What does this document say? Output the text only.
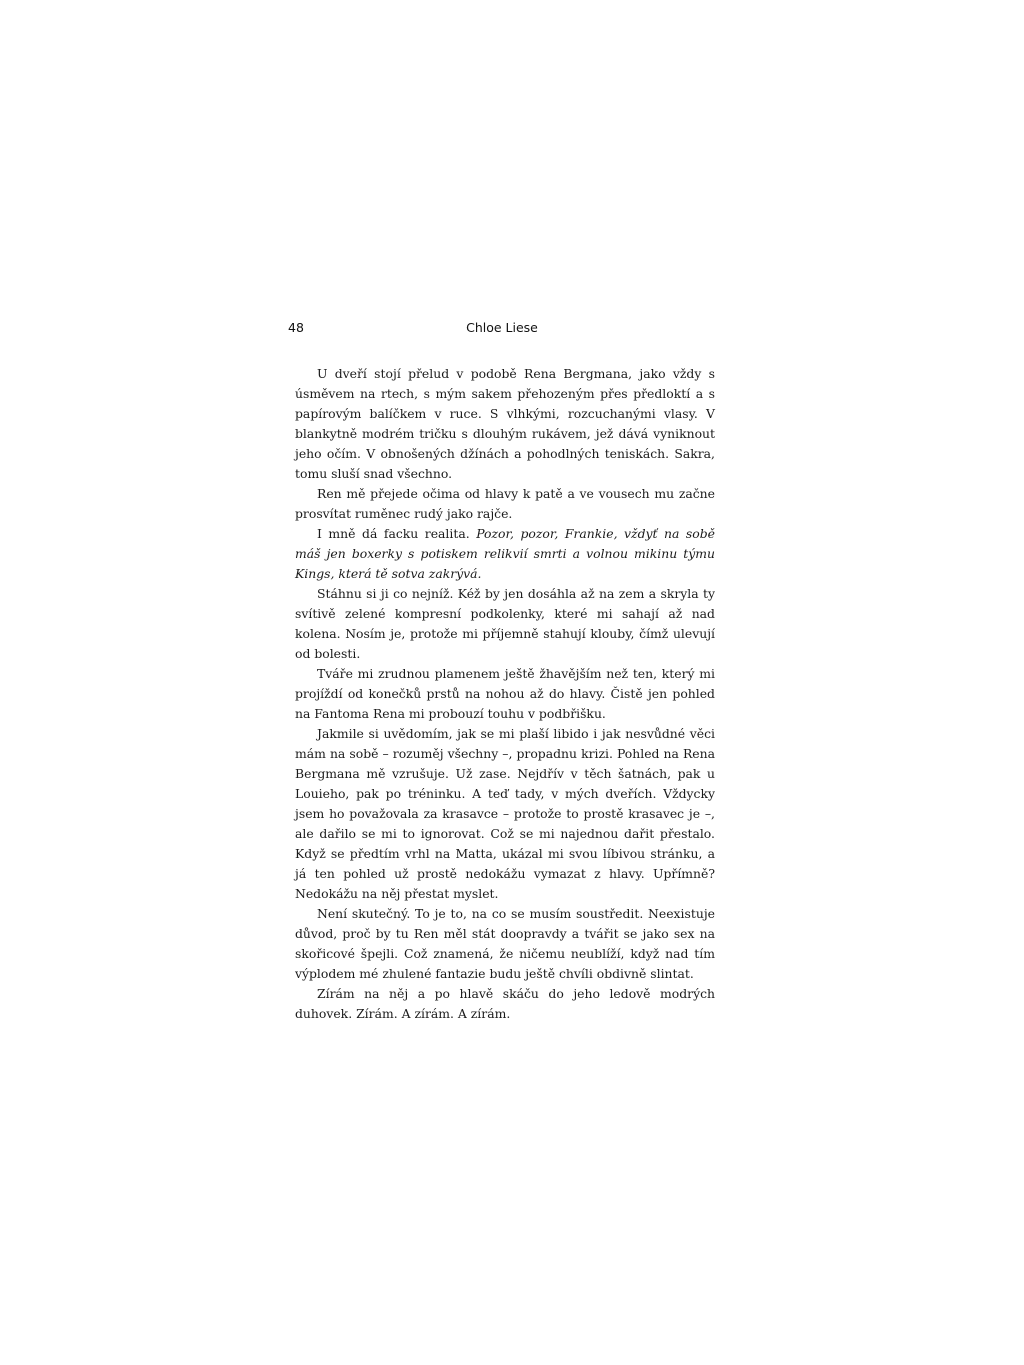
48	Chloe Liese

U dveří stojí přelud v podobě Rena Bergmana, jako vždy s úsměvem na rtech, s mým sakem přehozeným přes předloktí a s papírovým balíčkem v ruce. S vlhkými, rozcuchanými vlasy. V blankytně modrém tričku s dlouhým rukávem, jež dává vyniknout jeho očím. V obnošených džínách a pohodlných teniskách. Sakra, tomu sluší snad všechno.

Ren mě přejede očima od hlavy k patě a ve vousech mu začne prosvítat ruměnec rudý jako rajče.

I mně dá facku realita. Pozor, pozor, Frankie, vždyť na sobě máš jen boxerky s potiskem relikvií smrti a volnou mikinu týmu Kings, která tě sotva zakrývá.

Stáhnu si ji co nejníž. Kéž by jen dosáhla až na zem a skryla ty svítivě zelené kompresní podkolenky, které mi sahají až nad kolena. Nosím je, protože mi příjemně stahují klouby, čímž ulevují od bolesti.

Tváře mi zrudnou plamenem ještě žhavějším než ten, který mi projíždí od konečků prstů na nohou až do hlavy. Čistě jen pohled na Fantoma Rena mi probouzí touhu v podbřišku.

Jakmile si uvědomím, jak se mi plaší libido i jak nesvůdné věci mám na sobě – rozuměj všechny –, propadnu krizi. Pohled na Rena Bergmana mě vzrušuje. Už zase. Nejdřív v těch šatnách, pak u Louieho, pak po tréninku. A teď tady, v mých dveřích. Vždycky jsem ho považovala za krasavce – protože to prostě krasavec je –, ale dařilo se mi to ignorovat. Což se mi najednou dařit přestalo. Když se předtím vrhl na Matta, ukázal mi svou líbivou stránku, a já ten pohled už prostě nedokážu vymazat z hlavy. Upřímně? Nedokážu na něj přestat myslet.

Není skutečný. To je to, na co se musím soustředit. Neexistuje důvod, proč by tu Ren měl stát doopravdy a tvářit se jako sex na skořicové špejli. Což znamená, že ničemu neublíží, když nad tím výplodem mé zhulené fantazie budu ještě chvíli obdivně slintat.

Zírám na něj a po hlavě skáču do jeho ledově modrých duhovek. Zírám. A zírám. A zírám.
